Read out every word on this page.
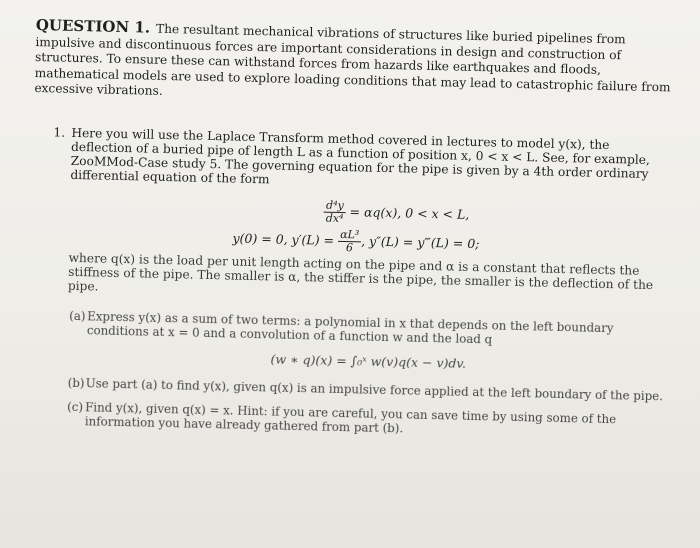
QUESTION 1. The resultant mechanical vibrations of structures like buried pipelines from impulsive and discontinuous forces are important considerations in design and construction of structures. To ensure these can withstand forces from hazards like earthquakes and floods, mathematical models are used to explore loading conditions that may lead to catastrophic failure from excessive vibrations.

1. Here you will use the Laplace Transform method covered in lectures to model y(x), the deflection of a buried pipe of length L as a function of position x, 0 < x < L. See, for example, ZooMMod-Case study 5. The governing equation for the pipe is given by a 4th order ordinary differential equation of the form
$\frac{\text{d⁴y}}{\text{dx⁴}} = \alpha q(x)$, 0 < x < L,
y(0) = 0, $y'(L) = \frac{\text{αL³}}{6}$ , y″(L) = y‴(L) = 0;

where q(x) is the load per unit length acting on the pipe and α is a constant that reflects the stiffness of the pipe. The smaller is α, the stiffer is the pipe, the smaller is the deflection of the pipe.

(a) Express y(x) as a sum of two terms: a polynomial in x that depends on the left boundary conditions at x = 0 and a convolution of a function w and the load q
(w ∗ q)(x) = ∫₀ˣ w(v)q(x − v)dv.
(b) Use part (a) to find y(x), given q(x) is an impulsive force applied at the left boundary of the pipe.
(c) Find y(x), given q(x) = x. Hint: if you are careful, you can save time by using some of the information you have already gathered from part (b).
